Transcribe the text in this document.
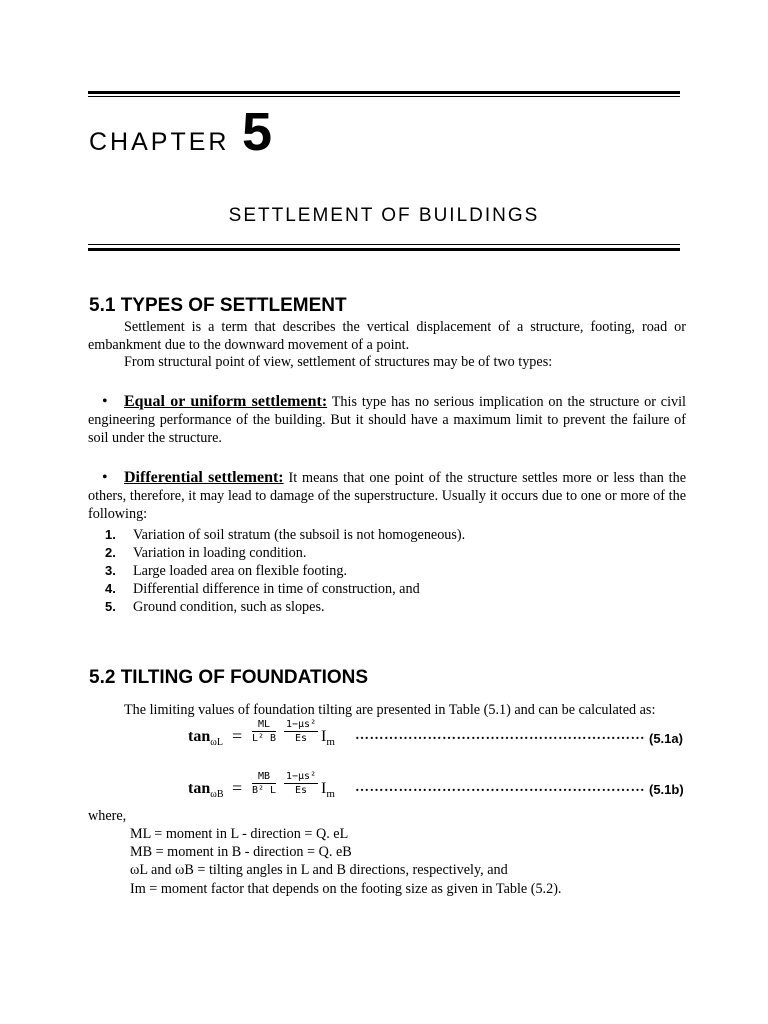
CHAPTER 5
SETTLEMENT OF BUILDINGS
5.1 TYPES OF SETTLEMENT
Settlement is a term that describes the vertical displacement of a structure, footing, road or embankment due to the downward movement of a point.
From structural point of view, settlement of structures may be of two types:
• Equal or uniform settlement: This type has no serious implication on the structure or civil engineering performance of the building. But it should have a maximum limit to prevent the failure of soil under the structure.
• Differential settlement: It means that one point of the structure settles more or less than the others, therefore, it may lead to damage of the superstructure. Usually it occurs due to one or more of the following:
1. Variation of soil stratum (the subsoil is not homogeneous).
2. Variation in loading condition.
3. Large loaded area on flexible footing.
4. Differential difference in time of construction, and
5. Ground condition, such as slopes.
5.2 TILTING OF FOUNDATIONS
The limiting values of foundation tilting are presented in Table (5.1) and can be calculated as:
$\tan_{\omega L} = \frac{ML}{\text{L² B}} \frac{\text{1−μs²}}{Es} I_m$ …………………………………………………… (5.1a)
$\tan_{\omega B} = \frac{MB}{\text{B² L}} \frac{\text{1−μs²}}{Es} I_m$ …………………………………………………… (5.1b)
where,
ML = moment in L - direction = Q. eL
MB = moment in B - direction = Q. eB
ωL and ωB = tilting angles in L and B directions, respectively, and
Im = moment factor that depends on the footing size as given in Table (5.2).
